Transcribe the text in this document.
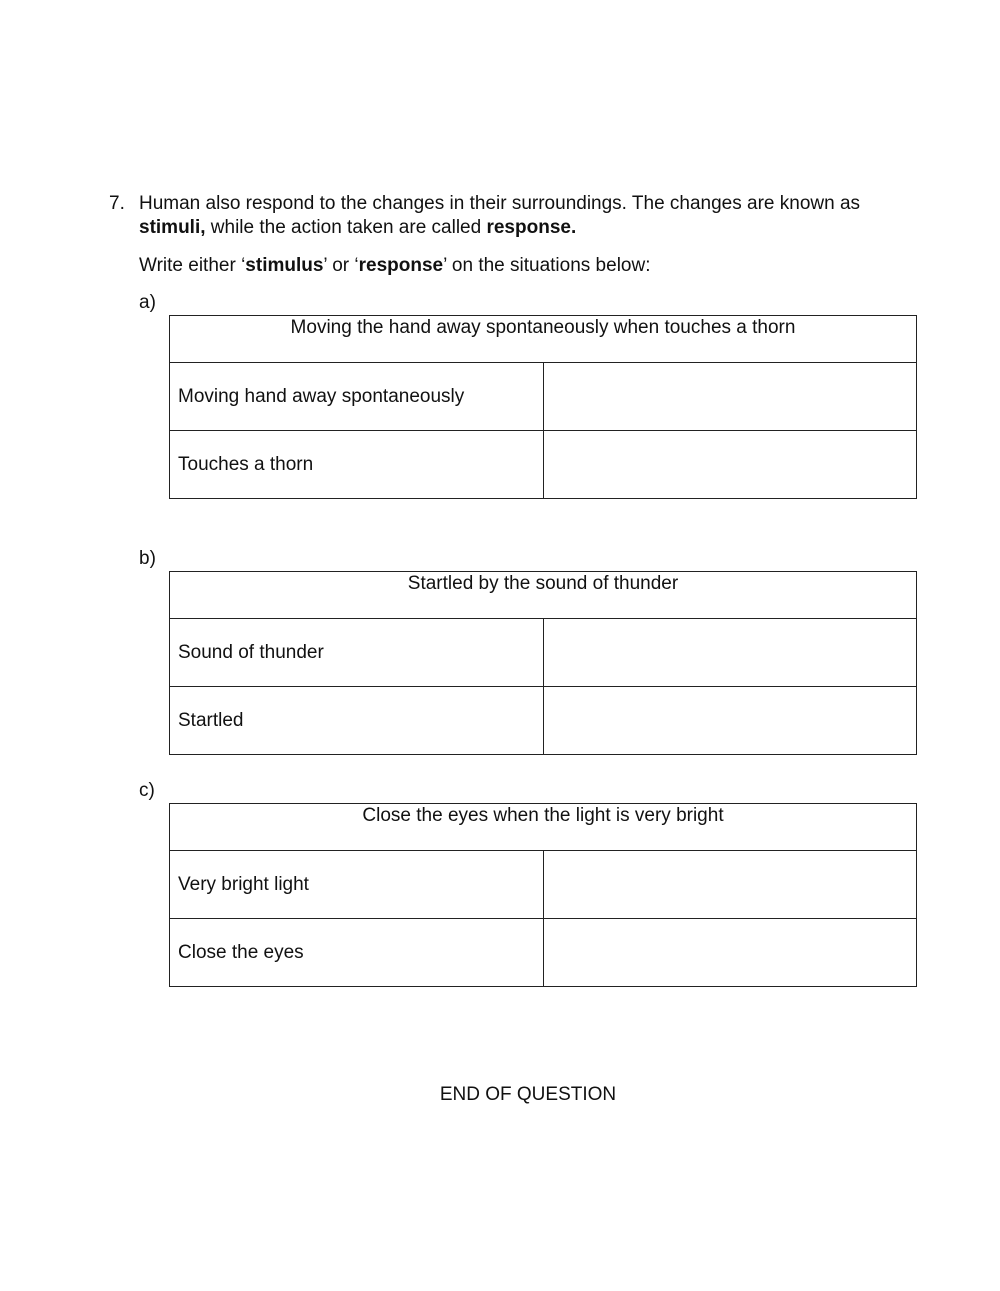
7. Human also respond to the changes in their surroundings. The changes are known as stimuli, while the action taken are called response.
Write either ‘stimulus’ or ‘response’ on the situations below:
a)
Moving the hand away spontaneously when touches a thorn	
Moving hand away spontaneously	
Touches a thorn	
b)
Startled by the sound of thunder	
Sound of thunder	
Startled	
c)
Close the eyes when the light is very bright	
Very bright light	
Close the eyes	
END OF QUESTION
